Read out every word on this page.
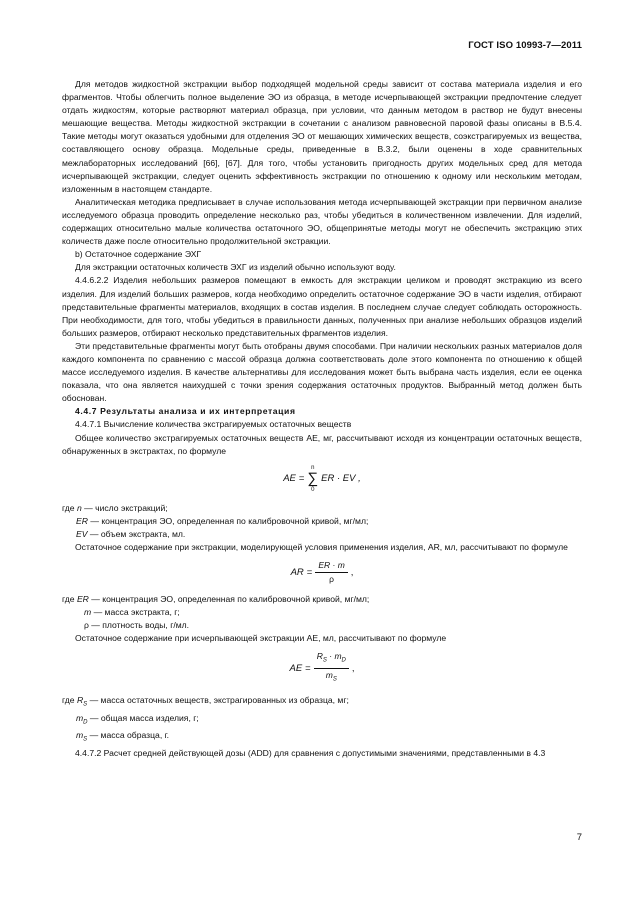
ГОСТ ISO 10993-7—2011

Для методов жидкостной экстракции выбор подходящей модельной среды зависит от состава материала изделия и его фрагментов. Чтобы облегчить полное выделение ЭО из образца, в методе исчерпывающей экстракции предпочтение следует отдать жидкостям, которые растворяют материал образца, при условии, что данным методом в раствор не будут внесены мешающие вещества. Методы жидкостной экстракции в сочетании с анализом равновесной паровой фазы описаны в В.5.4. Такие методы могут оказаться удобными для отделения ЭО от мешающих химических веществ, соэкстрагируемых из вещества, составляющего основу образца. Модельные среды, приведенные в В.3.2, были оценены в ходе сравнительных межлабораторных исследований [66], [67]. Для того, чтобы установить пригодность других модельных сред для метода исчерпывающей экстракции, следует оценить эффективность экстракции по отношению к одному или нескольким методам, изложенным в настоящем стандарте.

Аналитическая методика предписывает в случае использования метода исчерпывающей экстракции при первичном анализе исследуемого образца проводить определение несколько раз, чтобы убедиться в количественном извлечении. Для изделий, содержащих относительно малые количества остаточного ЭО, общепринятые методы могут не обеспечить экстракцию этих количеств даже после относительно продолжительной экстракции.

b) Остаточное содержание ЭХГ

Для экстракции остаточных количеств ЭХГ из изделий обычно используют воду.

4.4.6.2.2 Изделия небольших размеров помещают в емкость для экстракции целиком и проводят экстракцию из всего изделия. Для изделий больших размеров, когда необходимо определить остаточное содержание ЭО в части изделия, отбирают представительные фрагменты материалов, входящих в состав изделия. В последнем случае следует соблюдать осторожность. При необходимости, для того, чтобы убедиться в правильности данных, полученных при анализе небольших образцов изделий больших размеров, отбирают несколько представительных фрагментов изделия.

Эти представительные фрагменты могут быть отобраны двумя способами. При наличии нескольких разных материалов доля каждого компонента по сравнению с массой образца должна соответствовать доле этого компонента по отношению к общей массе исследуемого изделия. В качестве альтернативы для исследования может быть выбрана часть изделия, если ее оценка показала, что она является наихудшей с точки зрения содержания остаточных продуктов. Выбранный метод должен быть обоснован.

4.4.7 Результаты анализа и их интерпретация

4.4.7.1 Вычисление количества экстрагируемых остаточных веществ

Общее количество экстрагируемых остаточных веществ AE, мг, рассчитывают исходя из концентрации остаточных веществ, обнаруженных в экстрактах, по формуле

AE =
n
∑
0
ER · EV ,
где n — число экстракций;
ER — концентрация ЭО, определенная по калибровочной кривой, мг/мл;
EV — объем экстракта, мл.

Остаточное содержание при экстракции, моделирующей условия применения изделия, AR, мл, рассчитывают по формуле

AR = $\frac{ER \cdot m}{\rho}$ ,
где ER — концентрация ЭО, определенная по калибровочной кривой, мг/мл;
m — масса экстракта, г;
ρ — плотность воды, г/мл.

Остаточное содержание при исчерпывающей экстракции AE, мл, рассчитывают по формуле

AE = $\frac{R_S \cdot m_D}{m_S}$ ,
где $R_S$ — масса остаточных веществ, экстрагированных из образца, мг;
$m_D$ — общая масса изделия, г;
$m_S$ — масса образца, г.

4.4.7.2 Расчет средней действующей дозы (ADD) для сравнения с допустимыми значениями, представленными в 4.3

7
